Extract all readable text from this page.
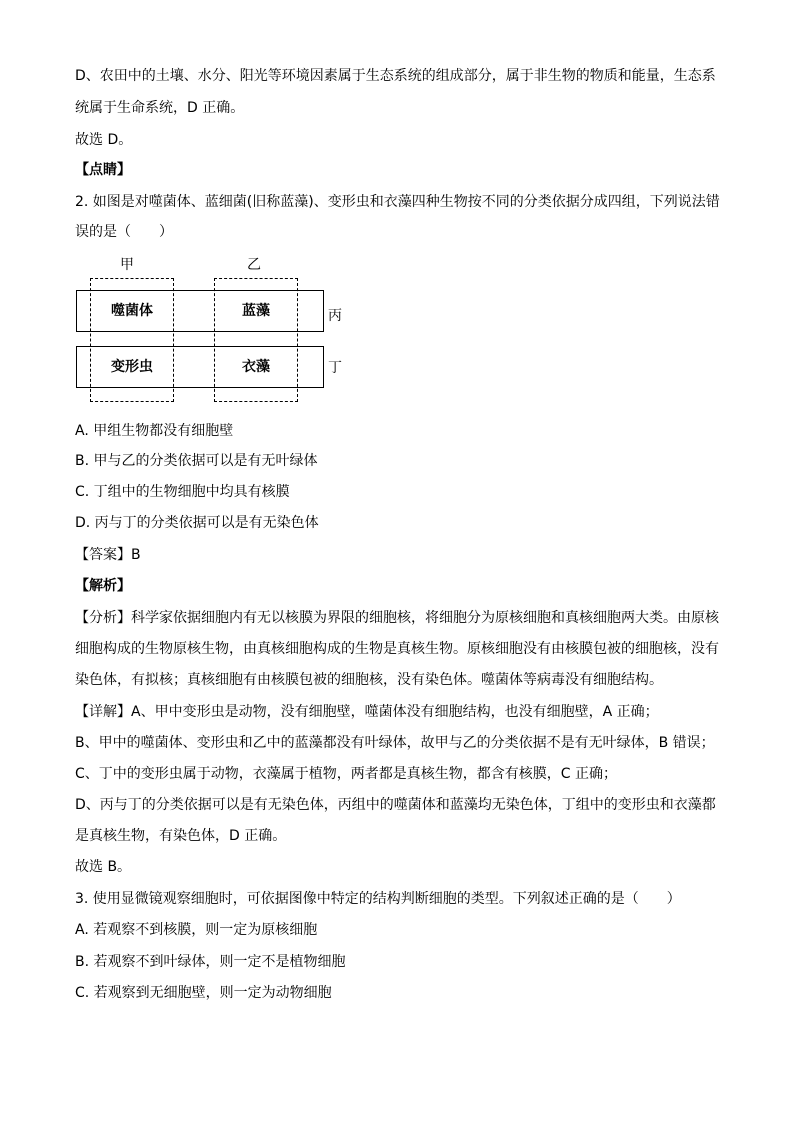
D、农田中的土壤、水分、阳光等环境因素属于生态系统的组成部分，属于非生物的物质和能量，生态系
统属于生命系统，D 正确。
故选 D。
【点睛】
2. 如图是对噬菌体、蓝细菌(旧称蓝藻)、变形虫和衣藻四种生物按不同的分类依据分成四组，下列说法错
误的是（　　）
甲	乙
噬菌体	蓝藻
变形虫	衣藻
丙
丁
A. 甲组生物都没有细胞壁
B. 甲与乙的分类依据可以是有无叶绿体
C. 丁组中的生物细胞中均具有核膜
D. 丙与丁的分类依据可以是有无染色体
【答案】B
【解析】
【分析】科学家依据细胞内有无以核膜为界限的细胞核，将细胞分为原核细胞和真核细胞两大类。由原核
细胞构成的生物原核生物，由真核细胞构成的生物是真核生物。原核细胞没有由核膜包被的细胞核，没有
染色体，有拟核；真核细胞有由核膜包被的细胞核，没有染色体。噬菌体等病毒没有细胞结构。
【详解】A、甲中变形虫是动物，没有细胞壁，噬菌体没有细胞结构，也没有细胞壁，A 正确；
B、甲中的噬菌体、变形虫和乙中的蓝藻都没有叶绿体，故甲与乙的分类依据不是有无叶绿体，B 错误；
C、丁中的变形虫属于动物，衣藻属于植物，两者都是真核生物，都含有核膜，C 正确；
D、丙与丁的分类依据可以是有无染色体，丙组中的噬菌体和蓝藻均无染色体，丁组中的变形虫和衣藻都
是真核生物，有染色体，D 正确。
故选 B。
3. 使用显微镜观察细胞时，可依据图像中特定的结构判断细胞的类型。下列叙述正确的是（　　）
A. 若观察不到核膜，则一定为原核细胞
B. 若观察不到叶绿体，则一定不是植物细胞
C. 若观察到无细胞壁，则一定为动物细胞
